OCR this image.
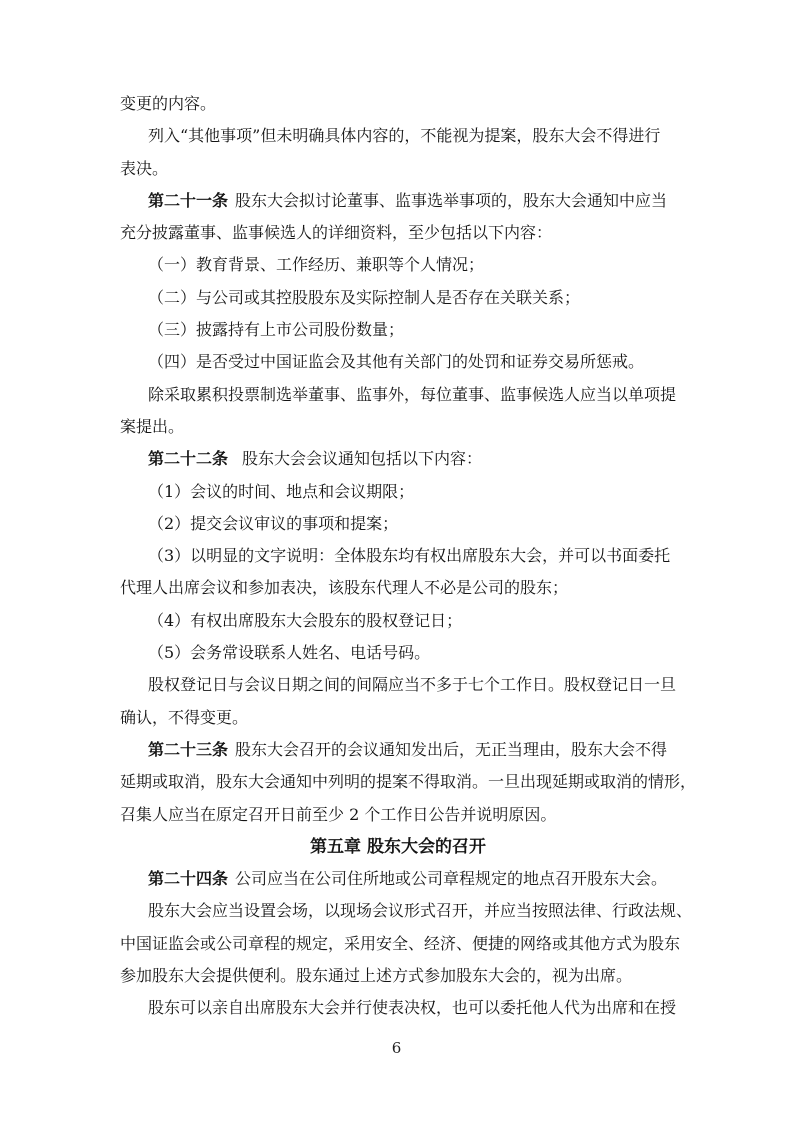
变更的内容。
列入“其他事项”但未明确具体内容的，不能视为提案，股东大会不得进行
表决。
第二十一条 股东大会拟讨论董事、监事选举事项的，股东大会通知中应当
充分披露董事、监事候选人的详细资料，至少包括以下内容：
（一）教育背景、工作经历、兼职等个人情况；
（二）与公司或其控股股东及实际控制人是否存在关联关系；
（三）披露持有上市公司股份数量；
（四）是否受过中国证监会及其他有关部门的处罚和证券交易所惩戒。
除采取累积投票制选举董事、监事外，每位董事、监事候选人应当以单项提
案提出。
第二十二条 股东大会会议通知包括以下内容：
（1）会议的时间、地点和会议期限；
（2）提交会议审议的事项和提案；
（3）以明显的文字说明：全体股东均有权出席股东大会，并可以书面委托
代理人出席会议和参加表决，该股东代理人不必是公司的股东；
（4）有权出席股东大会股东的股权登记日；
（5）会务常设联系人姓名、电话号码。
股权登记日与会议日期之间的间隔应当不多于七个工作日。股权登记日一旦
确认，不得变更。
第二十三条 股东大会召开的会议通知发出后，无正当理由，股东大会不得
延期或取消，股东大会通知中列明的提案不得取消。一旦出现延期或取消的情形，
召集人应当在原定召开日前至少 2 个工作日公告并说明原因。
第五章 股东大会的召开
第二十四条 公司应当在公司住所地或公司章程规定的地点召开股东大会。
股东大会应当设置会场，以现场会议形式召开，并应当按照法律、行政法规、
中国证监会或公司章程的规定，采用安全、经济、便捷的网络或其他方式为股东
参加股东大会提供便利。股东通过上述方式参加股东大会的，视为出席。
股东可以亲自出席股东大会并行使表决权，也可以委托他人代为出席和在授
6
